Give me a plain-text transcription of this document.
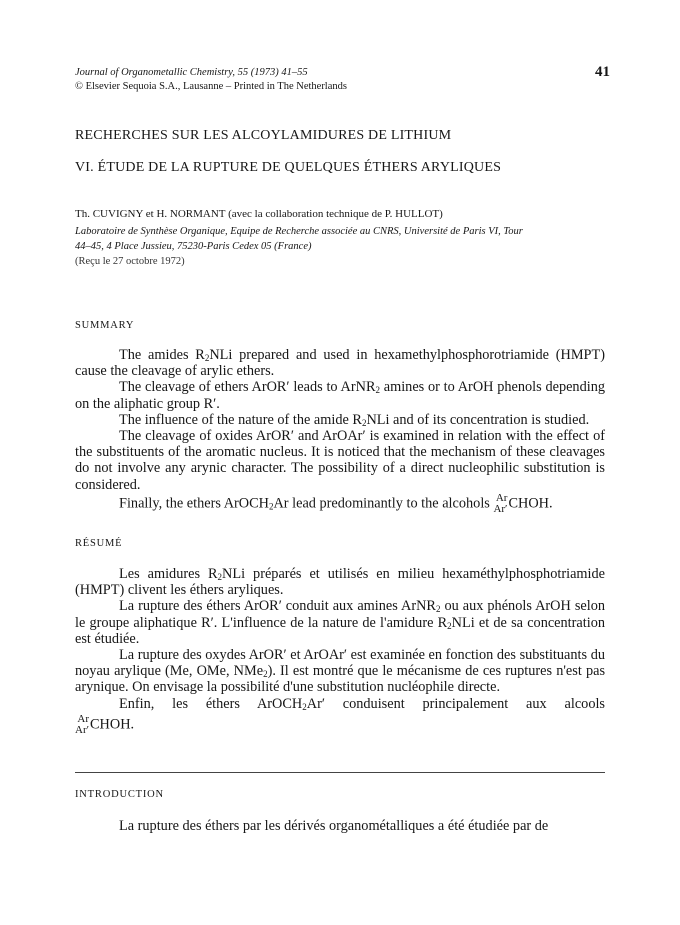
Journal of Organometallic Chemistry, 55 (1973) 41–55
© Elsevier Sequoia S.A., Lausanne – Printed in The Netherlands
41
RECHERCHES SUR LES ALCOYLAMIDURES DE LITHIUM
VI. ÉTUDE DE LA RUPTURE DE QUELQUES ÉTHERS ARYLIQUES
Th. CUVIGNY et H. NORMANT (avec la collaboration technique de P. HULLOT)
Laboratoire de Synthèse Organique, Equipe de Recherche associée au CNRS, Université de Paris VI, Tour
44–45, 4 Place Jussieu, 75230-Paris Cedex 05 (France)
(Reçu le 27 octobre 1972)
SUMMARY

The amides $R_2NLi$ prepared and used in hexamethylphosphorotriamide (HMPT) cause the cleavage of arylic ethers.

The cleavage of ethers ArOR′ leads to ArNR$_2$ amines or to ArOH phenols depending on the aliphatic group R′.

The influence of the nature of the amide $R_2NLi$ and of its concentration is studied.

The cleavage of oxides ArOR′ and ArOAr′ is examined in relation with the effect of the substituents of the aromatic nucleus. It is noticed that the mechanism of these cleavages do not involve any arynic character. The possibility of a direct nucleophilic substitution is considered.

Finally, the ethers ArOCH$_2$Ar lead predominantly to the alcohols Ar
Ar′ CHOH.

RÉSUMÉ

Les amidures $R_2NLi$ préparés et utilisés en milieu hexaméthylphosphotriamide (HMPT) clivent les éthers aryliques.

La rupture des éthers ArOR′ conduit aux amines ArNR$_2$ ou aux phénols ArOH selon le groupe aliphatique R′. L'influence de la nature de l'amidure $R_2NLi$ et de sa concentration est étudiée.

La rupture des oxydes ArOR′ et ArOAr′ est examinée en fonction des substituants du noyau arylique (Me, OMe, NMe$_2$). Il est montré que le mécanisme de ces ruptures n'est pas arynique. On envisage la possibilité d'une substitution nucléophile directe.

Enfin, les éthers ArOCH$_2$Ar′ conduisent principalement aux alcools

Ar
Ar′ CHOH.

INTRODUCTION

La rupture des éthers par les dérivés organométalliques a été étudiée par de
